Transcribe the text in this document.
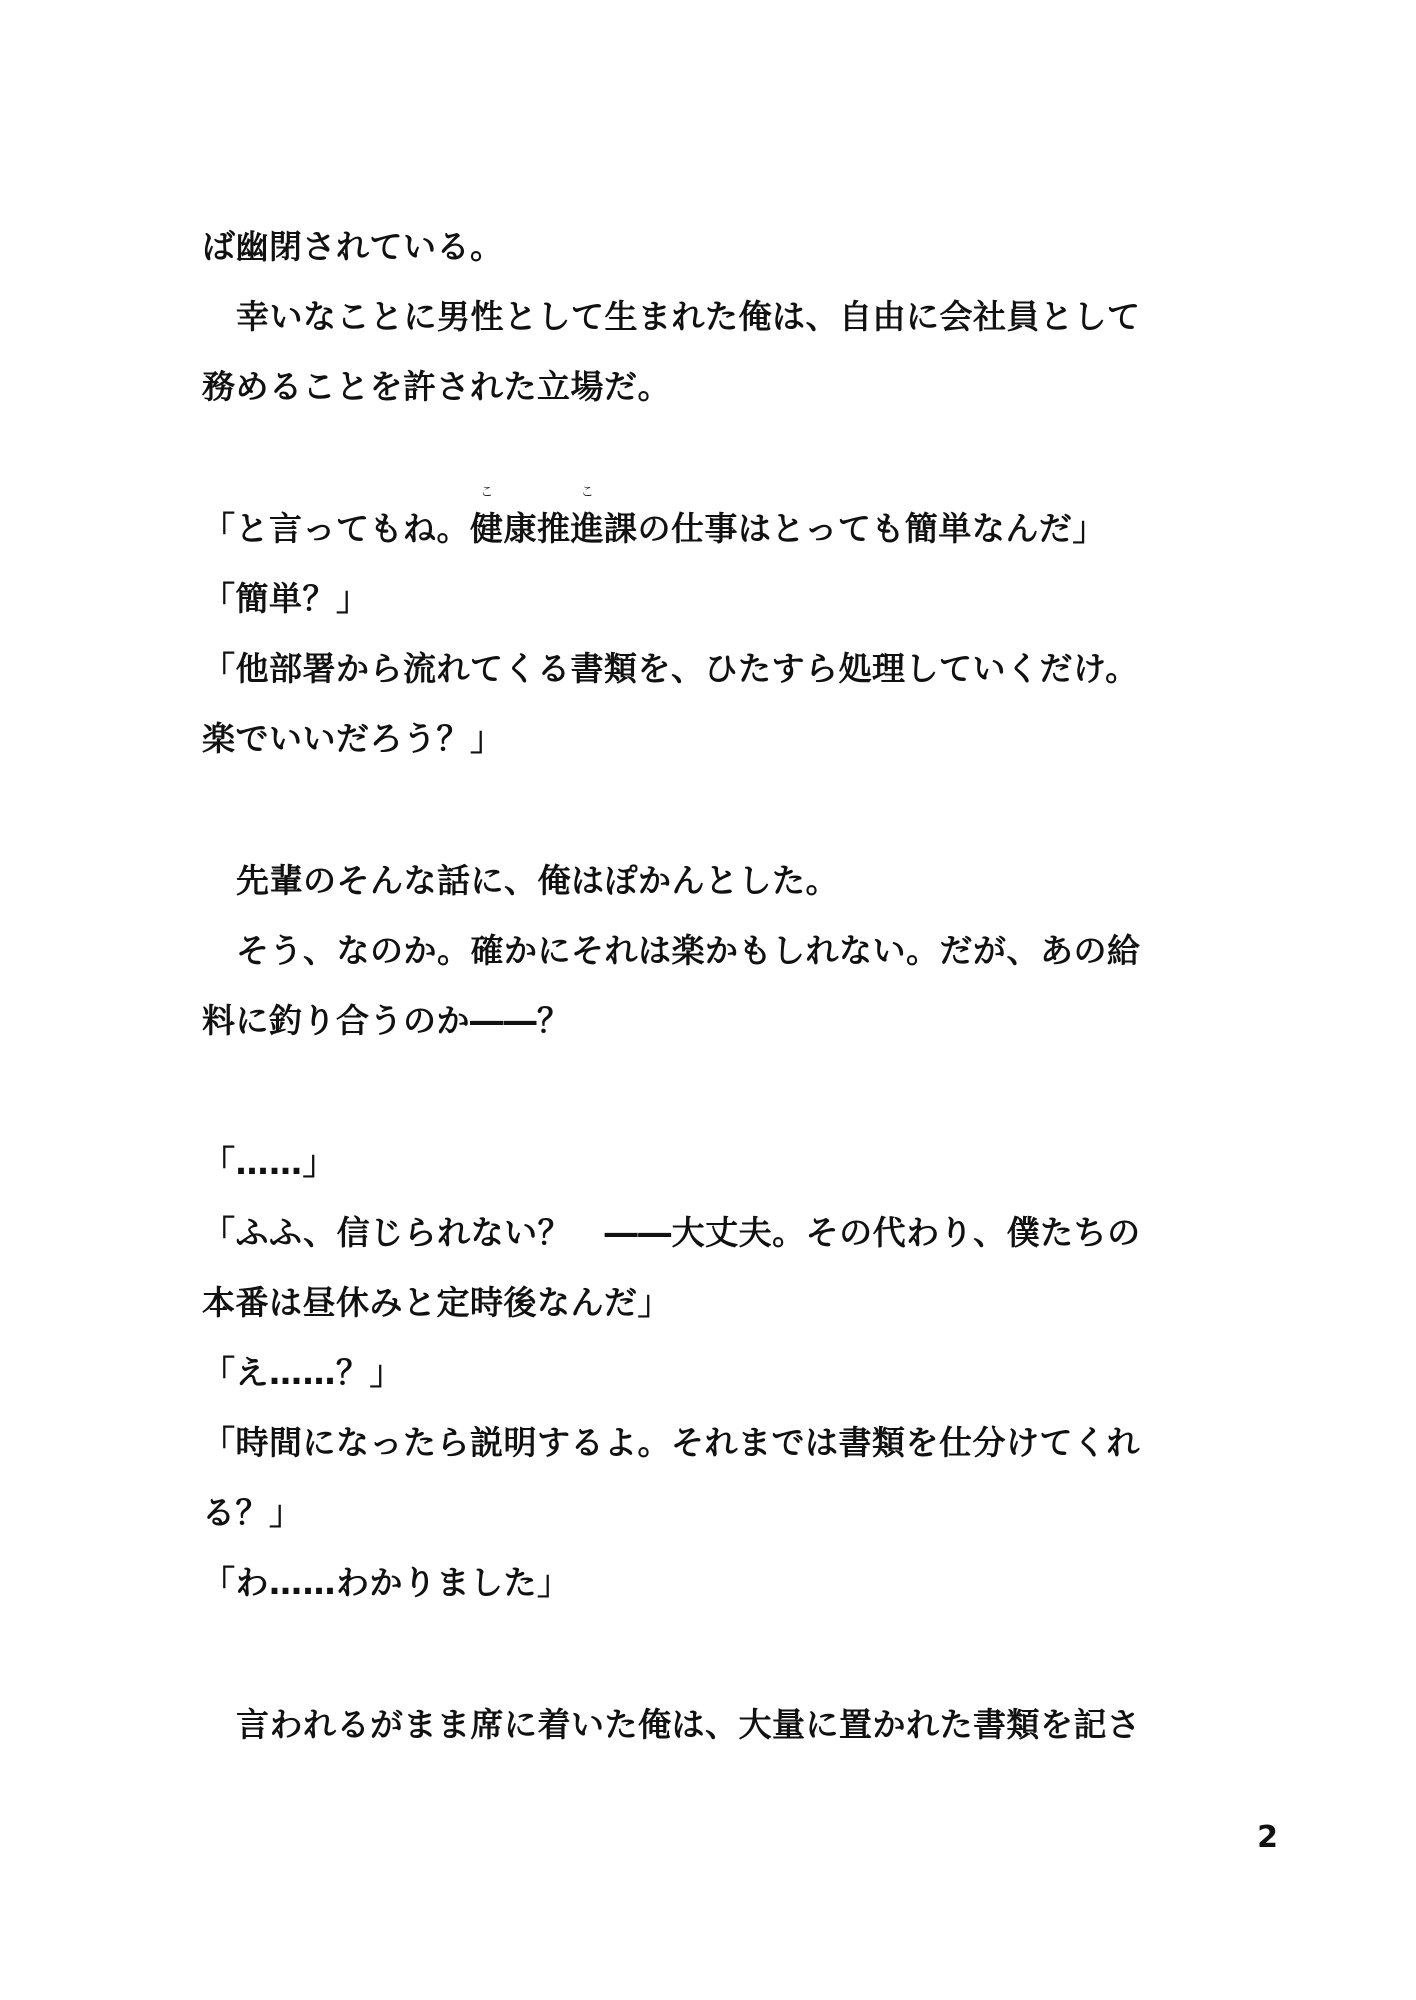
ば幽閉されている。
幸いなことに男性として生まれた俺は、自由に会社員として
務めることを許された立場だ。
「と言ってもね。
こ
健康推
こ
進課の仕事はとっても簡単なんだ」
「簡単？」
「他部署から流れてくる書類を、ひたすら処理していくだけ。
楽でいいだろう？」
先輩のそんな話に、俺はぽかんとした。
そう、なのか。確かにそれは楽かもしれない。だが、あの給
料に釣り合うのか――？
「……」
「ふふ、信じられない？　――大丈夫。その代わり、僕たちの
本番は昼休みと定時後なんだ」
「え……？」
「時間になったら説明するよ。それまでは書類を仕分けてくれ
る？」
「わ……わかりました」
言われるがまま席に着いた俺は、大量に置かれた書類を記さ
2
